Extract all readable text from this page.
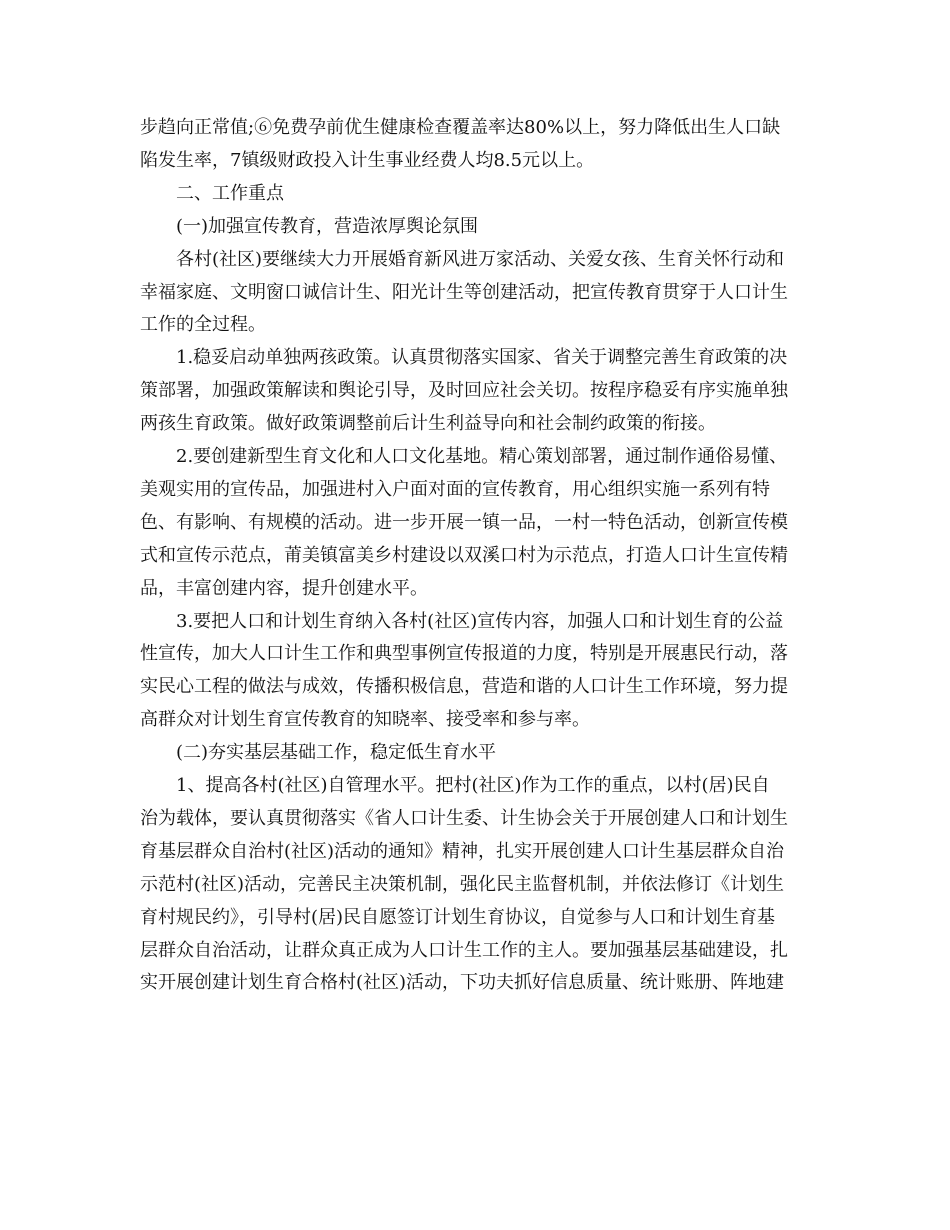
步趋向正常值;⑥免费孕前优生健康检查覆盖率达80%以上，努力降低出生人口缺
陷发生率，7镇级财政投入计生事业经费人均8.5元以上。
二、工作重点
(一)加强宣传教育，营造浓厚舆论氛围
各村(社区)要继续大力开展婚育新风进万家活动、关爱女孩、生育关怀行动和
幸福家庭、文明窗口诚信计生、阳光计生等创建活动，把宣传教育贯穿于人口计生
工作的全过程。
1.稳妥启动单独两孩政策。认真贯彻落实国家、省关于调整完善生育政策的决
策部署，加强政策解读和舆论引导，及时回应社会关切。按程序稳妥有序实施单独
两孩生育政策。做好政策调整前后计生利益导向和社会制约政策的衔接。
2.要创建新型生育文化和人口文化基地。精心策划部署，通过制作通俗易懂、
美观实用的宣传品，加强进村入户面对面的宣传教育，用心组织实施一系列有特
色、有影响、有规模的活动。进一步开展一镇一品，一村一特色活动，创新宣传模
式和宣传示范点，莆美镇富美乡村建设以双溪口村为示范点，打造人口计生宣传精
品，丰富创建内容，提升创建水平。
3.要把人口和计划生育纳入各村(社区)宣传内容，加强人口和计划生育的公益
性宣传，加大人口计生工作和典型事例宣传报道的力度，特别是开展惠民行动，落
实民心工程的做法与成效，传播积极信息，营造和谐的人口计生工作环境，努力提
高群众对计划生育宣传教育的知晓率、接受率和参与率。
(二)夯实基层基础工作，稳定低生育水平
1、提高各村(社区)自管理水平。把村(社区)作为工作的重点，以村(居)民自
治为载体，要认真贯彻落实《省人口计生委、计生协会关于开展创建人口和计划生
育基层群众自治村(社区)活动的通知》精神，扎实开展创建人口计生基层群众自治
示范村(社区)活动，完善民主决策机制，强化民主监督机制，并依法修订《计划生
育村规民约》，引导村(居)民自愿签订计划生育协议，自觉参与人口和计划生育基
层群众自治活动，让群众真正成为人口计生工作的主人。要加强基层基础建设，扎
实开展创建计划生育合格村(社区)活动，下功夫抓好信息质量、统计账册、阵地建
